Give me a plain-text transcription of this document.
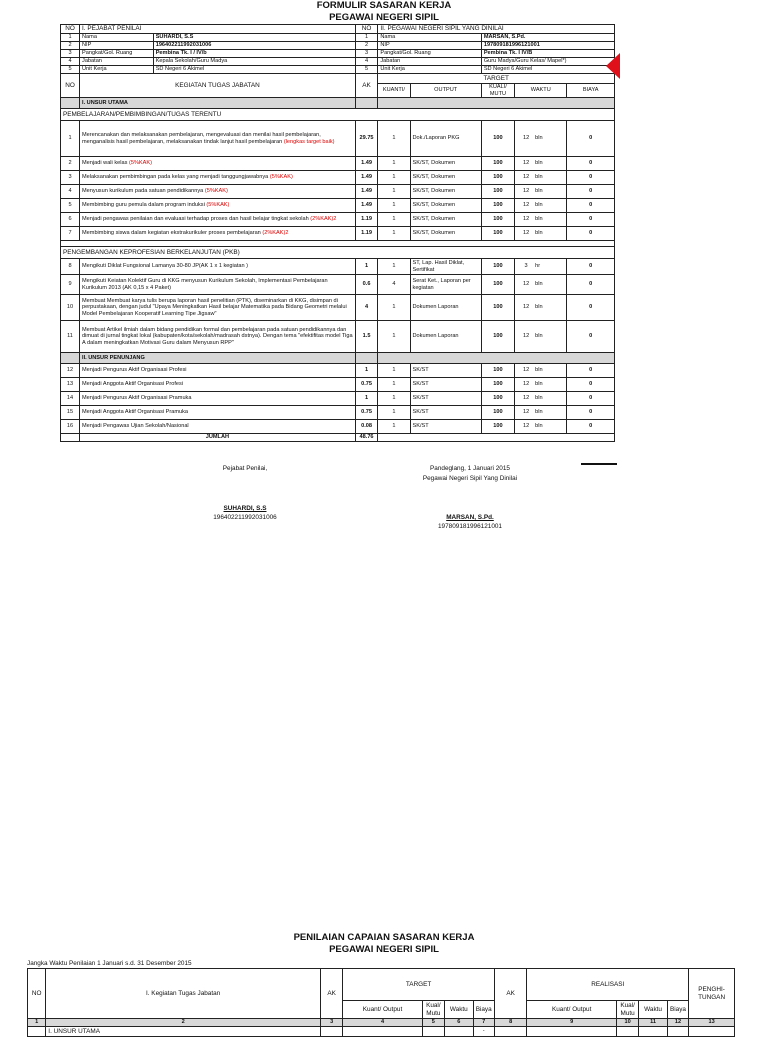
FORMULIR SASARAN KERJA
PEGAWAI NEGERI SIPIL
NO	I. PEJABAT PENILAI		NO	II. PEGAWAI NEGERI SIPIL YANG DINILAI				
1	Nama	SUHARDI, S.S	1	Nama		MARSAN, S.Pd.		
2	NIP	196402211992031006	2	NIP		197809181996121001		
3	Pangkat/Gol. Ruang	Pembina Tk. I / IV/b	3	Pangkat/Gol. Ruang		Pembina Tk. I IV/B		
4	Jabatan	Kepala Sekolah/Guru Madya	4	Jabatan		Guru Madya/Guru Kelas/ Mapel*)		
5	Unit Kerja	SD Negeri 6 Akimel	5	Unit Kerja		SD Negeri 6 Akimel		
NO	KEGIATAN TUGAS JABATAN		AK	TARGET				
				KUANTI/	OUTPUT	KUALI/ MUTU	WAKTU	BIAYA
	I. UNSUR UTAMA							
PEMBELAJARAN/PEMBIMBINGAN/TUGAS TERENTU								
1	Merencanakan dan melaksanakan pembelajaran, mengevaluasi dan menilai hasil pembelajaran, menganalisis hasil pembelajaran, melaksanakan tindak lanjut hasil pembelajaran (lengkas target baik)		29.75	1	Dok./Laporan PKG	100	12 bln	0
2	Menjadi wali kelas (5%KAK)		1.49	1	SK/ST, Dokumen	100	12 bln	0
3	Melaksanakan pembimbingan pada kelas yang menjadi tanggungjawabnya (5%KAK)		1.49	1	SK/ST, Dokumen	100	12 bln	0
4	Menyusun kurikulum pada satuan pendidikannya (5%KAK)		1.49	1	SK/ST, Dokumen	100	12 bln	0
5	Membimbing guru pemula dalam program induksi (5%KAK)		1.49	1	SK/ST, Dokumen	100	12 bln	0
6	Menjadi pengawas penilaian dan evaluasi terhadap proses dan hasil belajar tingkat sekolah (2%KAK)2		1.19	1	SK/ST, Dokumen	100	12 bln	0
7	Membimbing siswa dalam kegiatan ekstrakurikuler proses pembelajaran (2%KAK)2		1.19	1	SK/ST, Dokumen	100	12 bln	0

PENGEMBANGAN KEPROFESIAN BERKELANJUTAN (PKB)								
8	Mengikuti Diklat Fungsional Lamanya 30-80 JP(AK 1 x 1 kegiatan )		1	1	ST, Lap. Hasil Diklat, Sertifikat	100	3 hr	0
9	Mengikuti Keiatan Kolektif Guru di KKG menyusun Kurikulum Sekolah, Implementasi Pembelajaran Kurikulum 2013 (AK 0,15 x 4 Paket)		0.6	4	Serat Ket., Laporan per kegiatan	100	12 bln	0
10	Membuat Membuat karya tulis berupa laporan hasil penelitian (PTK), diseminarkan di KKG, disimpan di perpustakaan, dengan judul "Upaya Meningkatkan Hasil belajar Matematika pada Bidang Geometri melalui Model Pembelajaran Kooperatif Learning Tipe Jigsaw"		4	1	Dokumen Laporan	100	12 bln	0
11	Membuat Artikel ilmiah dalam bidang pendidikan formal dan pembelajaran pada satuan pendidikannya dan dimuat di jurnal tingkat lokal (kabupaten/kota/sekolah/madrasah dstnya). Dengan tema "efektifitas model Tiga A dalam meningkatkan Motivasi Guru dalam Menyusun RPP"		1.5	1	Dokumen Laporan	100	12 bln	0
	II. UNSUR PENUNJANG							
12	Menjadi Pengurus Aktif Organisasi Profesi		1	1	SK/ST	100	12 bln	0
13	Menjadi Anggota Aktif Organisasi Profesi		0.75	1	SK/ST	100	12 bln	0
14	Menjadi Pengurus Aktif Organisasi Pramuka		1	1	SK/ST	100	12 bln	0
15	Menjadi Anggota Aktif Organisasi Pramuka		0.75	1	SK/ST	100	12 bln	0
16	Menjadi Pengawas Ujian Sekolah/Nasional		0.08	1	SK/ST	100	12 bln	0
	JUMLAH		48.76					
Pejabat Penilai,
SUHARDI, S.S
196402211992031006
Pandeglang, 1 Januari 2015
Pegawai Negeri Sipil Yang Dinilai
MARSAN, S.Pd.
197809181996121001
PENILAIAN CAPAIAN SASARAN KERJA
PEGAWAI NEGERI SIPIL
Jangka Waktu Penilaian 1 Januari s.d. 31 Desember 2015
NO	I. Kegiatan Tugas Jabatan	AK	TARGET				AK	REALISASI				PENGHI- TUNGAN
			Kuant/ Output	Kual/ Mutu	Waktu	Biaya		Kuant/ Output	Kual/ Mutu	Waktu	Biaya	
1	2	3	4	5	6	7	8	9	10	11	12	13
	I. UNSUR UTAMA					-						
